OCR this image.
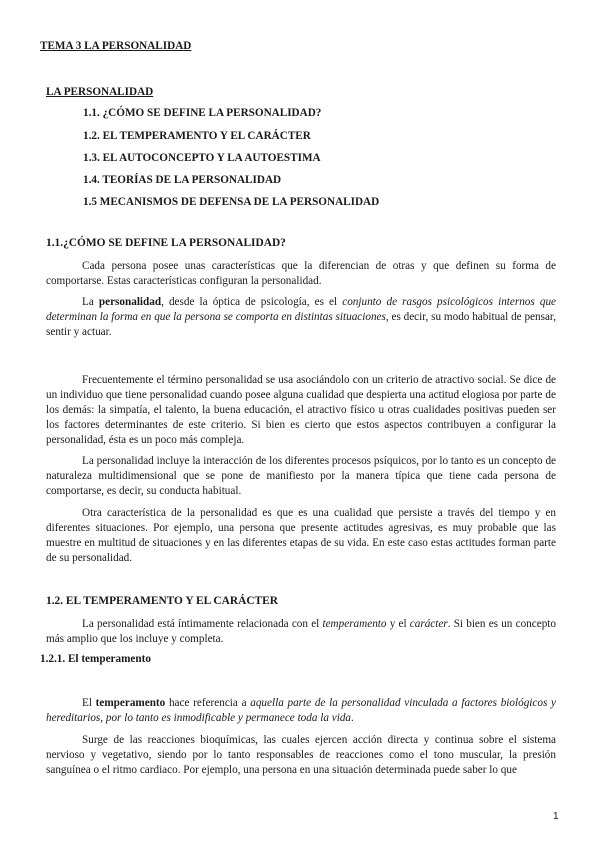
TEMA 3 LA PERSONALIDAD
LA PERSONALIDAD
1.1. ¿CÓMO SE DEFINE LA PERSONALIDAD?
1.2. EL TEMPERAMENTO Y EL CARÁCTER
1.3. EL AUTOCONCEPTO Y LA AUTOESTIMA
1.4. TEORÍAS DE LA PERSONALIDAD
1.5 MECANISMOS DE DEFENSA DE LA PERSONALIDAD
1.1.¿CÓMO SE DEFINE LA PERSONALIDAD?

Cada persona posee unas características que la diferencian de otras y que definen su forma de comportarse. Estas características configuran la personalidad.

La personalidad, desde la óptica de psicología, es el conjunto de rasgos psicológicos internos que determinan la forma en que la persona se comporta en distintas situaciones, es decir, su modo habitual de pensar, sentir y actuar.

Frecuentemente el término personalidad se usa asociándolo con un criterio de atractivo social. Se dice de un individuo que tiene personalidad cuando posee alguna cualidad que despierta una actitud elogiosa por parte de los demás: la simpatía, el talento, la buena educación, el atractivo físico u otras cualidades positivas pueden ser los factores determinantes de este criterio. Si bien es cierto que estos aspectos contribuyen a configurar la personalidad, ésta es un poco más compleja.

La personalidad incluye la interacción de los diferentes procesos psíquicos, por lo tanto es un concepto de naturaleza multidimensional que se pone de manifiesto por la manera típica que tiene cada persona de comportarse, es decir, su conducta habitual.

Otra característica de la personalidad es que es una cualidad que persiste a través del tiempo y en diferentes situaciones. Por ejemplo, una persona que presente actitudes agresivas, es muy probable que las muestre en multitud de situaciones y en las diferentes etapas de su vida. En este caso estas actitudes forman parte de su personalidad.

1.2. EL TEMPERAMENTO Y EL CARÁCTER

La personalidad está íntimamente relacionada con el temperamento y el carácter. Si bien es un concepto más amplio que los incluye y completa.

1.2.1. El temperamento

El temperamento hace referencia a aquella parte de la personalidad vinculada a factores biológicos y hereditarios, por lo tanto es inmodificable y permanece toda la vida.

Surge de las reacciones bioquímicas, las cuales ejercen acción directa y continua sobre el sistema nervioso y vegetativo, siendo por lo tanto responsables de reacciones como el tono muscular, la presión sanguínea o el ritmo cardiaco. Por ejemplo, una persona en una situación determinada puede saber lo que

1
